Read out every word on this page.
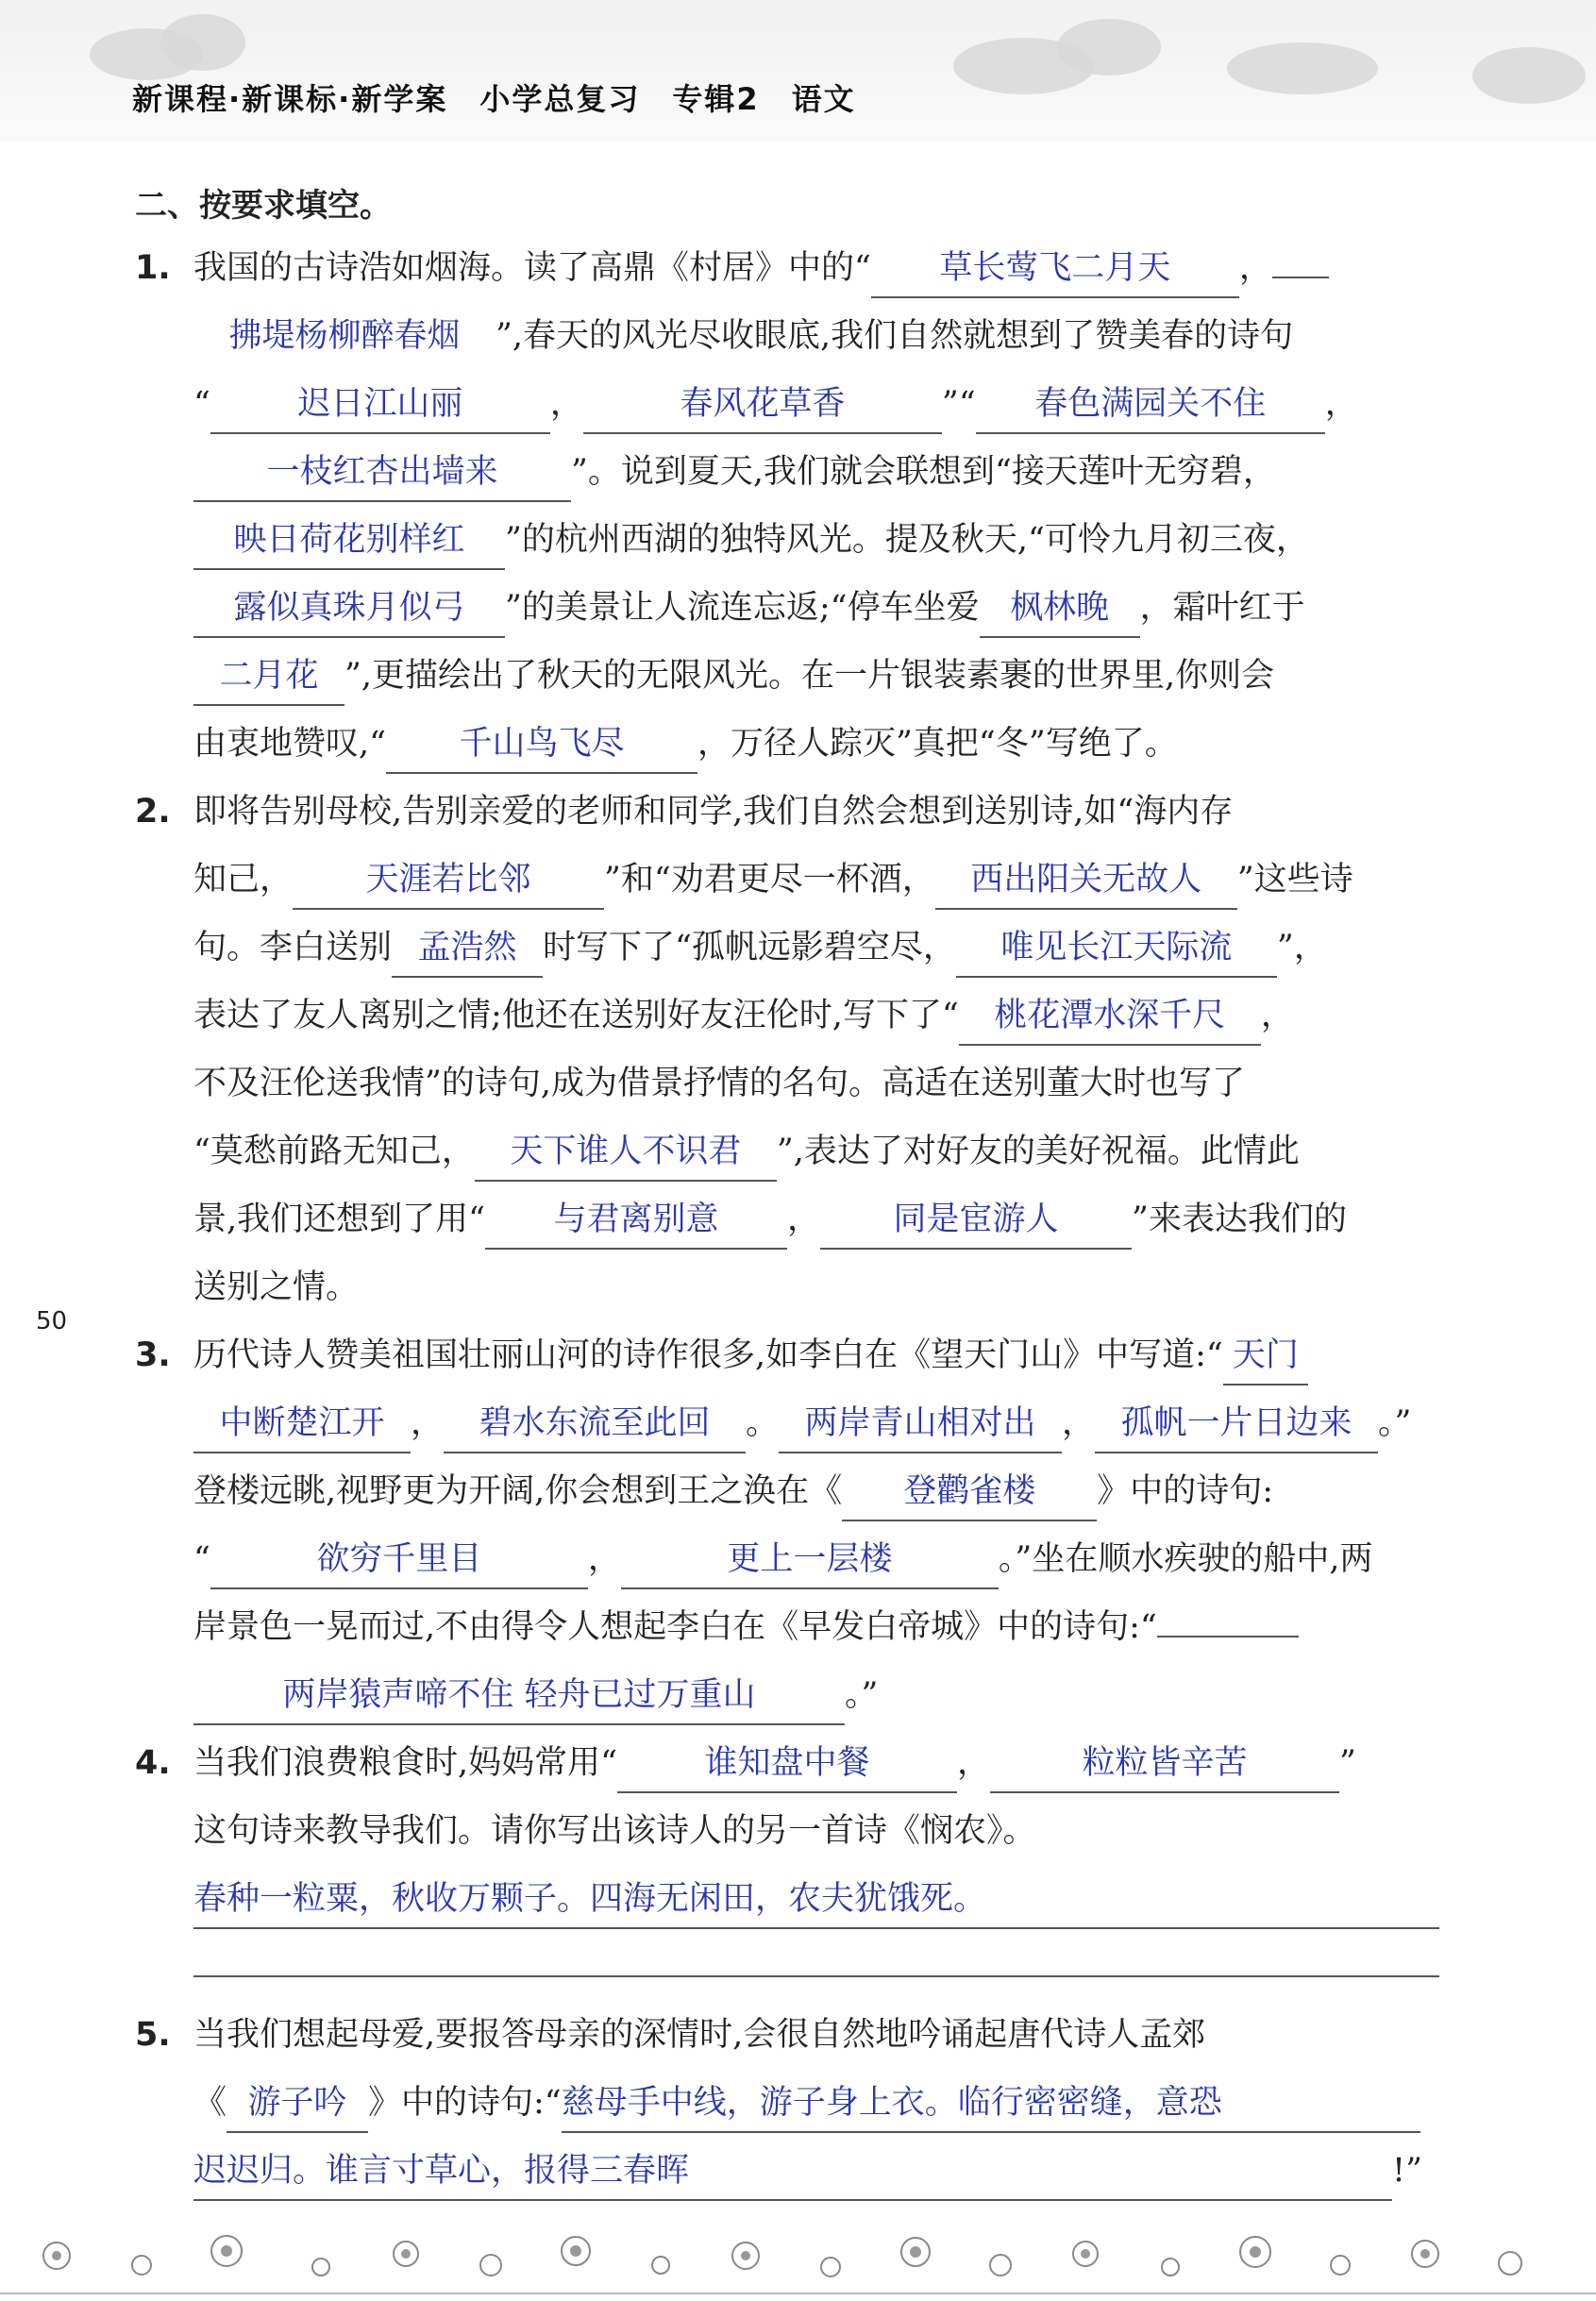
新课程·新课标·新学案　小学总复习　专辑2　语文
二、按要求填空。
1. 我国的古诗浩如烟海。读了高鼎《村居》中的“ 草长莺飞二月天 ，
拂堤杨柳醉春烟 ”,春天的风光尽收眼底,我们自然就想到了赞美春的诗句
“	迟日江山丽	，	春风花草香	”“ 春色满园关不住 ，
一枝红杏出墙来 ”。说到夏天,我们就会联想到“接天莲叶无穷碧，
映日荷花别样红 ”的杭州西湖的独特风光。提及秋天,“可怜九月初三夜，
露似真珠月似弓 ”的美景让人流连忘返;“停车坐爱 枫林晚 ，霜叶红于
二月花 ”,更描绘出了秋天的无限风光。在一片银装素裹的世界里,你则会
由衷地赞叹,“ 千山鸟飞尽 ，万径人踪灭”真把“冬”写绝了。
2. 即将告别母校,告别亲爱的老师和同学,我们自然会想到送别诗,如“海内存
知己， 天涯若比邻 ”和“劝君更尽一杯酒， 西出阳关无故人 ”这些诗
句。李白送别 孟浩然 时写下了“孤帆远影碧空尽， 唯见长江天际流 ”，
表达了友人离别之情;他还在送别好友汪伦时,写下了“ 桃花潭水深千尺 ，
不及汪伦送我情”的诗句,成为借景抒情的名句。高适在送别董大时也写了
“莫愁前路无知己， 天下谁人不识君 ”,表达了对好友的美好祝福。此情此
景,我们还想到了用“ 与君离别意 ， 同是宦游人 ”来表达我们的
送别之情。
50
3. 历代诗人赞美祖国壮丽山河的诗作很多,如李白在《望天门山》中写道:“ 天门
中断楚江开 ， 碧水东流至此回 。 两岸青山相对出 ， 孤帆一片日边来 。”
登楼远眺,视野更为开阔,你会想到王之涣在《 登鹳雀楼 》中的诗句:
“	欲穷千里目	，	更上一层楼	。”坐在顺水疾驶的船中,两
岸景色一晃而过,不由得令人想起李白在《早发白帝城》中的诗句:“
两岸猿声啼不住 轻舟已过万重山	。”
4. 当我们浪费粮食时,妈妈常用“	谁知盘中餐	，	粒粒皆辛苦	”
这句诗来教导我们。请你写出该诗人的另一首诗《悯农》。
春种一粒粟，秋收万颗子。四海无闲田，农夫犹饿死。
5. 当我们想起母爱,要报答母亲的深情时,会很自然地吟诵起唐代诗人孟郊
《 游子吟 》中的诗句:“慈母手中线，游子身上衣。临行密密缝，意恐
迟迟归。谁言寸草心，报得三春晖	!”
